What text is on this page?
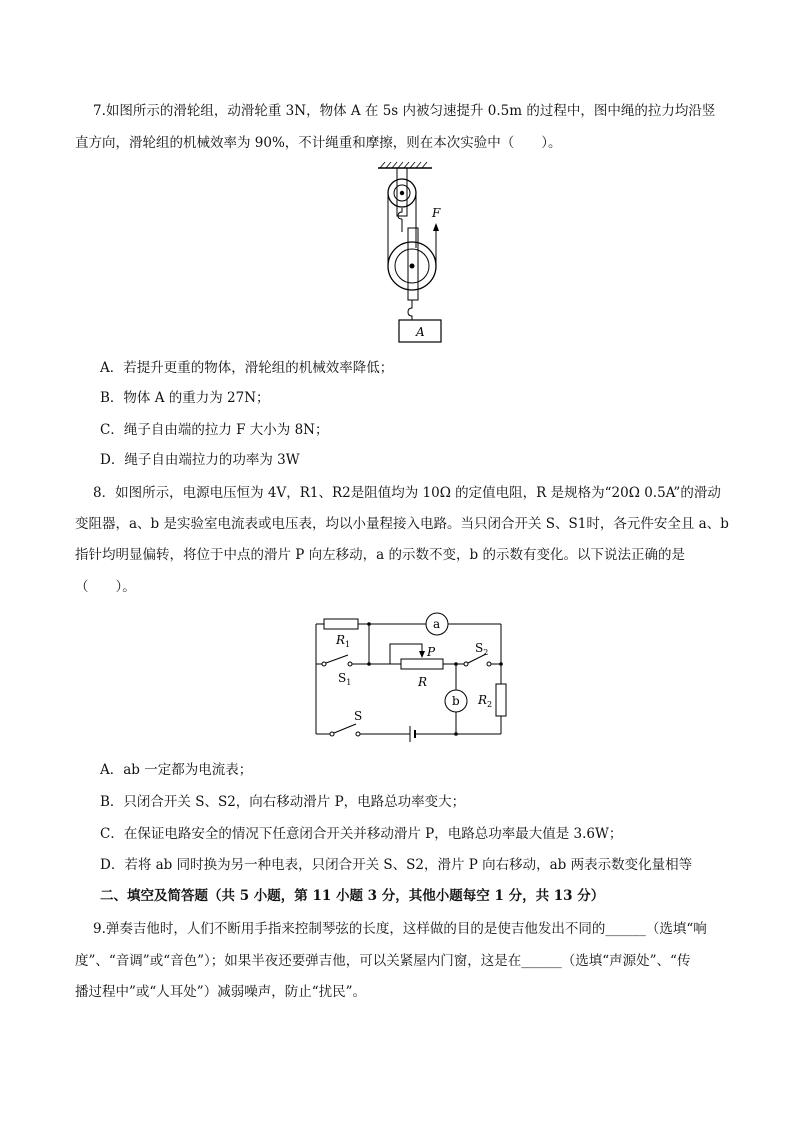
7.如图所示的滑轮组，动滑轮重 3N，物体 A 在 5s 内被匀速提升 0.5m 的过程中，图中绳的拉力均沿竖
直方向，滑轮组的机械效率为 90%，不计绳重和摩擦，则在本次实验中（　　）。
F
A
A．若提升更重的物体，滑轮组的机械效率降低；
B．物体 A 的重力为 27N；
C．绳子自由端的拉力 F 大小为 8N；
D．绳子自由端拉力的功率为 3W
8．如图所示，电源电压恒为 4V，R1、R2是阻值均为 10Ω 的定值电阻，R 是规格为“20Ω 0.5A”的滑动
变阻器，a、b 是实验室电流表或电压表，均以小量程接入电路。当只闭合开关 S、S1时，各元件安全且 a、b
指针均明显偏转，将位于中点的滑片 P 向左移动，a 的示数不变，b 的示数有变化。以下说法正确的是
（　　）。
$R_1$
a
$S_1$
P
R
$S_2$
$R_2$
b
S
A．ab 一定都为电流表；
B．只闭合开关 S、S2，向右移动滑片 P，电路总功率变大；
C．在保证电路安全的情况下任意闭合开关并移动滑片 P，电路总功率最大值是 3.6W；
D．若将 ab 同时换为另一种电表，只闭合开关 S、S2，滑片 P 向右移动，ab 两表示数变化量相等
二、填空及简答题（共 5 小题，第 11 小题 3 分，其他小题每空 1 分，共 13 分）
9.弹奏吉他时，人们不断用手指来控制琴弦的长度，这样做的目的是使吉他发出不同的______（选填“响
度”、“音调”或“音色”）；如果半夜还要弹吉他，可以关紧屋内门窗，这是在______（选填“声源处”、“传
播过程中”或“人耳处”）减弱噪声，防止“扰民”。
